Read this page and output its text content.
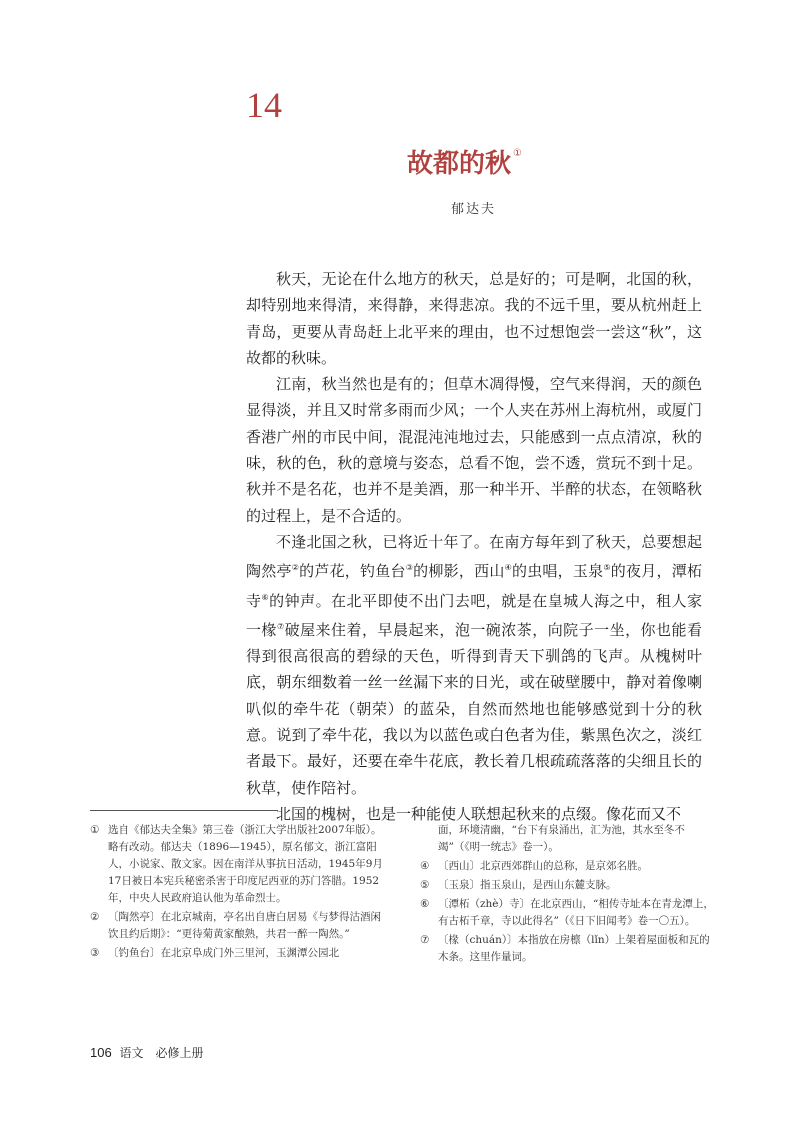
14
故都的秋 ①
郁达夫

秋天，无论在什么地方的秋天，总是好的；可是啊，北国的秋，却特别地来得清，来得静，来得悲凉。我的不远千里，要从杭州赶上青岛，更要从青岛赶上北平来的理由，也不过想饱尝一尝这“秋”，这故都的秋味。

江南，秋当然也是有的；但草木凋得慢，空气来得润，天的颜色显得淡，并且又时常多雨而少风；一个人夹在苏州上海杭州，或厦门香港广州的市民中间，混混沌沌地过去，只能感到一点点清凉，秋的味，秋的色，秋的意境与姿态，总看不饱，尝不透，赏玩不到十足。秋并不是名花，也并不是美酒，那一种半开、半醉的状态，在领略秋的过程上，是不合适的。

不逢北国之秋，已将近十年了。在南方每年到了秋天，总要想起陶然亭②的芦花，钓鱼台③的柳影，西山④的虫唱，玉泉⑤的夜月，潭柘寺⑥的钟声。在北平即使不出门去吧，就是在皇城人海之中，租人家一椽⑦破屋来住着，早晨起来，泡一碗浓茶，向院子一坐，你也能看得到很高很高的碧绿的天色，听得到青天下驯鸽的飞声。从槐树叶底，朝东细数着一丝一丝漏下来的日光，或在破壁腰中，静对着像喇叭似的牵牛花（朝荣）的蓝朵，自然而然地也能够感觉到十分的秋意。说到了牵牛花，我以为以蓝色或白色者为佳，紫黑色次之，淡红者最下。最好，还要在牵牛花底，教长着几根疏疏落落的尖细且长的秋草，使作陪衬。

北国的槐树，也是一种能使人联想起秋来的点缀。像花而又不

① 选自《郁达夫全集》第三卷（浙江大学出版社2007年版）。略有改动。郁达夫（1896—1945），原名郁文，浙江富阳人，小说家、散文家。因在南洋从事抗日活动，1945年9月17日被日本宪兵秘密杀害于印度尼西亚的苏门答腊。1952年，中央人民政府追认他为革命烈士。
② 〔陶然亭〕在北京城南，亭名出自唐白居易《与梦得沽酒闲饮且约后期》：“更待菊黄家酿熟，共君一醉一陶然。”
③ 〔钓鱼台〕在北京阜成门外三里河，玉渊潭公园北
面，环境清幽，“台下有泉涌出，汇为池，其水至冬不竭”（《明一统志》卷一）。
④ 〔西山〕北京西郊群山的总称，是京郊名胜。
⑤ 〔玉泉〕指玉泉山，是西山东麓支脉。
⑥ 〔潭柘（zhè）寺〕在北京西山，“相传寺址本在青龙潭上，有古柘千章，寺以此得名”（《日下旧闻考》卷一〇五）。
⑦ 〔椽（chuán）〕本指放在房檩（lǐn）上架着屋面板和瓦的木条。这里作量词。
106 语文　必修上册
